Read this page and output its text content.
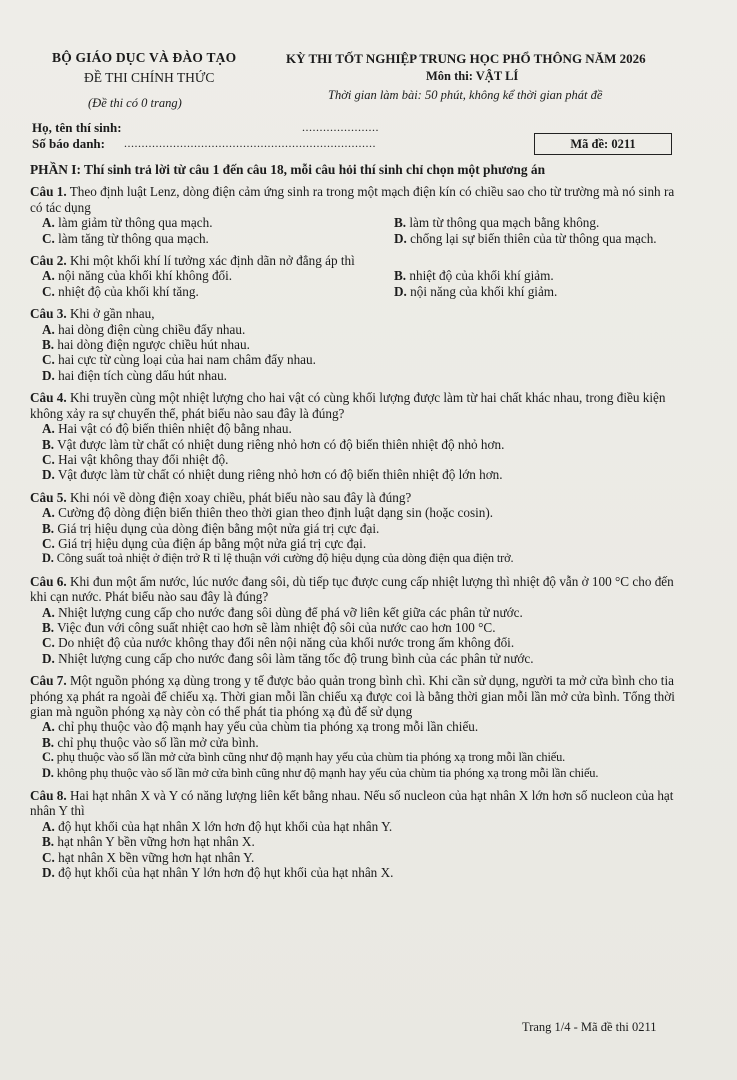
BỘ GIÁO DỤC VÀ ĐÀO TẠO
ĐỀ THI CHÍNH THỨC
(Đề thi có 0 trang)
KỲ THI TỐT NGHIỆP TRUNG HỌC PHỔ THÔNG NĂM 2026
Môn thi: VẬT LÍ
Thời gian làm bài: 50 phút, không kể thời gian phát đề
Họ, tên thí sinh:	......................
Số báo danh: ........................................................................	Mã đề: 0211
PHẦN I: Thí sinh trả lời từ câu 1 đến câu 18, mỗi câu hỏi thí sinh chỉ chọn một phương án
Câu 1. Theo định luật Lenz, dòng điện cảm ứng sinh ra trong một mạch điện kín có chiều sao cho từ trường mà nó sinh ra có tác dụng
A. làm giảm từ thông qua mạch.	B. làm từ thông qua mạch bằng không.
C. làm tăng từ thông qua mạch.	D. chống lại sự biến thiên của từ thông qua mạch.
Câu 2. Khi một khối khí lí tưởng xác định dãn nở đẳng áp thì
A. nội năng của khối khí không đổi.	B. nhiệt độ của khối khí giảm.
C. nhiệt độ của khối khí tăng.	D. nội năng của khối khí giảm.
Câu 3. Khi ở gần nhau,
A. hai dòng điện cùng chiều đẩy nhau.
B. hai dòng điện ngược chiều hút nhau.
C. hai cực từ cùng loại của hai nam châm đẩy nhau.
D. hai điện tích cùng dấu hút nhau.
Câu 4. Khi truyền cùng một nhiệt lượng cho hai vật có cùng khối lượng được làm từ hai chất khác nhau, trong điều kiện không xảy ra sự chuyển thể, phát biểu nào sau đây là đúng?
A. Hai vật có độ biến thiên nhiệt độ bằng nhau.
B. Vật được làm từ chất có nhiệt dung riêng nhỏ hơn có độ biến thiên nhiệt độ nhỏ hơn.
C. Hai vật không thay đổi nhiệt độ.
D. Vật được làm từ chất có nhiệt dung riêng nhỏ hơn có độ biến thiên nhiệt độ lớn hơn.
Câu 5. Khi nói về dòng điện xoay chiều, phát biểu nào sau đây là đúng?
A. Cường độ dòng điện biến thiên theo thời gian theo định luật dạng sin (hoặc cosin).
B. Giá trị hiệu dụng của dòng điện bằng một nửa giá trị cực đại.
C. Giá trị hiệu dụng của điện áp bằng một nửa giá trị cực đại.
D. Công suất toả nhiệt ở điện trở R tỉ lệ thuận với cường độ hiệu dụng của dòng điện qua điện trở.
Câu 6. Khi đun một ấm nước, lúc nước đang sôi, dù tiếp tục được cung cấp nhiệt lượng thì nhiệt độ vẫn ở 100 °C cho đến khi cạn nước. Phát biểu nào sau đây là đúng?
A. Nhiệt lượng cung cấp cho nước đang sôi dùng để phá vỡ liên kết giữa các phân tử nước.
B. Việc đun với công suất nhiệt cao hơn sẽ làm nhiệt độ sôi của nước cao hơn 100 °C.
C. Do nhiệt độ của nước không thay đổi nên nội năng của khối nước trong ấm không đổi.
D. Nhiệt lượng cung cấp cho nước đang sôi làm tăng tốc độ trung bình của các phân tử nước.
Câu 7. Một nguồn phóng xạ dùng trong y tế được bảo quản trong bình chì. Khi cần sử dụng, người ta mở cửa bình cho tia phóng xạ phát ra ngoài để chiếu xạ. Thời gian mỗi lần chiếu xạ được coi là bằng thời gian mỗi lần mở cửa bình. Tổng thời gian mà nguồn phóng xạ này còn có thể phát tia phóng xạ đủ để sử dụng
A. chỉ phụ thuộc vào độ mạnh hay yếu của chùm tia phóng xạ trong mỗi lần chiếu.
B. chỉ phụ thuộc vào số lần mở cửa bình.
C. phụ thuộc vào số lần mở cửa bình cũng như độ mạnh hay yếu của chùm tia phóng xạ trong mỗi lần chiếu.
D. không phụ thuộc vào số lần mở cửa bình cũng như độ mạnh hay yếu của chùm tia phóng xạ trong mỗi lần chiếu.
Câu 8. Hai hạt nhân X và Y có năng lượng liên kết bằng nhau. Nếu số nucleon của hạt nhân X lớn hơn số nucleon của hạt nhân Y thì
A. độ hụt khối của hạt nhân X lớn hơn độ hụt khối của hạt nhân Y.
B. hạt nhân Y bền vững hơn hạt nhân X.
C. hạt nhân X bền vững hơn hạt nhân Y.
D. độ hụt khối của hạt nhân Y lớn hơn độ hụt khối của hạt nhân X.
Trang 1/4 - Mã đề thi 0211
